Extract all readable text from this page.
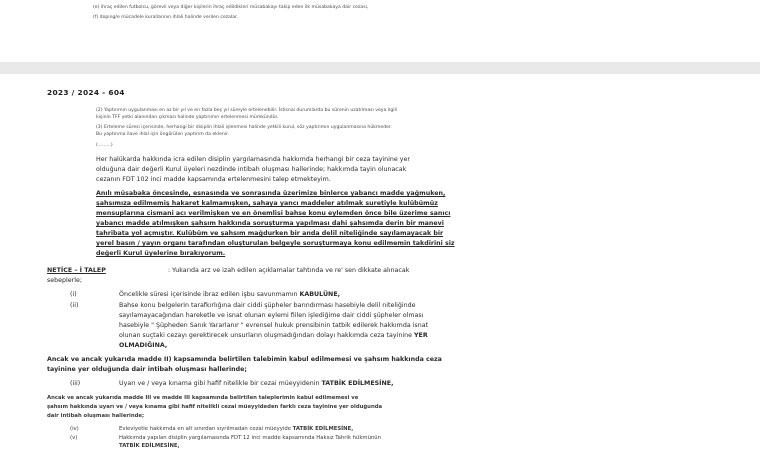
(e) ihraç edilen futbolcu, görevli veya diğer kişilerin ihraç edildikleri müsabakayı takip eden ilk müsabakaya dair cezası,
(f) doping/e mücadele kurallarının ihlali halinde verilen cezalar.
2023 / 2024 - 604
(2) Yaptırımın uygulanması en az bir yıl ve en fazla beş yıl süreyle ertelenebilir. İstisnai durumlarda bu sürenin uzatılması veya ilgili
kişinin TFF yetki alanından çıkması halinde yaptırımın ertelenmesi mümkündür.
(3) Erteleme süresi içerisinde, herhangi bir disiplin ihlali işlenmesi halinde yetkili kurul, söz yaptırımın uygulanmasına hükmeder.
Bu yaptırıma ilave ihlal için öngörülen yaptırım da eklenir.
(.........)
Her halükarda hakkında icra edilen disiplin yargılamasında hakkımda herhangi bir ceza tayinine yer
olduğuna dair değerli Kurul üyeleri nezdinde intibah oluşması hallerinde; hakkımda tayin olunacak
cezanın FDT 102 inci madde kapsamında ertelenmesini talep etmekteyim.
Anılı müsabaka öncesinde, esnasında ve sonrasında üzerimize binlerce yabancı madde yağmuken,
şahsımıza edilmemiş hakaret kalmamışken, sahaya yancı maddeler atılmak suretiyle kulübümüz
mensuplarına cismani acı verilmişken ve en önemlisi bahse konu eylemden önce bile üzerime sanıcı
yabancı madde atılmışken şahsım hakkında soruşturma yapılması dahi şahsımda derin bir manevi
tahribata yol açmıştır. Kulübüm ve şahsım mağdurken bir anda delil niteliğinde sayılamayacak bir
yerel basın / yayın organı tarafından oluşturulan belgeyle soruşturmaya konu edilmemin takdirini siz
değerli Kurul üyelerine bırakıyorum.
NETİCE – İ TALEP	: Yukarıda arz ve izah edilen açıklamalar tahtında ve re' sen dikkate alınacak
sebeplerle;
(i)	Öncelikle süresi içerisinde ibraz edilen işbu savunmamın KABULÜNE,
(ii)	Bahse konu belgelerin tarafkırlığına dair ciddi şüpheler barındırması hasebiyle delil niteliğinde
sayılamayacağından hareketle ve isnat olunan eylemi fiilen işlediğime dair ciddi şüpheler olması
hasebiyle " Şüpheden Sanık Yararlanır " evrensel hukuk prensibinin tatbik edilerek hakkımda isnat
olunan suçtaki cezayı gerektirecek unsurların oluşmadığından dolayı hakkımda ceza tayinine YER
OLMADIĞINA,
Ancak ve ancak yukarıda madde II) kapsamında belirtilen talebimin kabul edilmemesi ve şahsım hakkında ceza
tayinine yer olduğunda dair intibah oluşması hallerinde;
(iii)	Uyarı ve / veya kınama gibi hafif nitelikle bir cezai müeyyidenin TATBİK EDİLMESİNE,
Ancak ve ancak yukarıda madde III ve madde III kapsamında belirtilen taleplerimin kabul edilmemesi ve
şahsım hakkında uyarı ve / veya kınama gibi hafif nitelikli cezai müeyyideden farklı ceza tayinine yer olduğunda
dair intibah oluşması hallerinde;
(iv)	Evleviyetle hakkımda en alt sınırdan sıyrılmadan cezai müeyyide TATBİK EDİLMESİNE,
(v)	Hakkımda yapılan disiplin yargılamasında FDT 12 inci madde kapsamında Haksız Tahrik hükmünün
TATBİK EDİLMESİNE,
